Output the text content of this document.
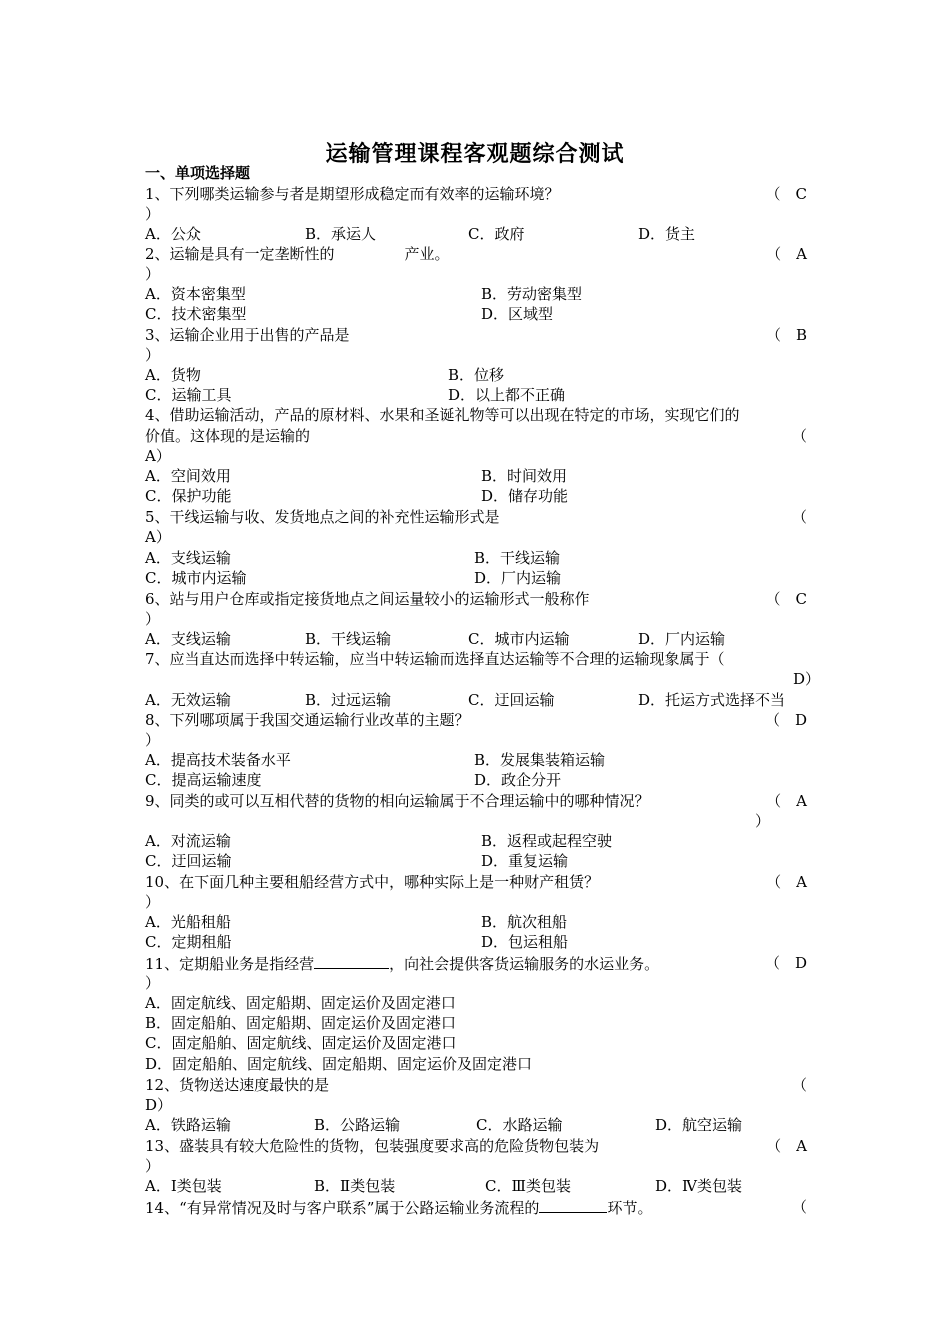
运输管理课程客观题综合测试
一、单项选择题
1、下列哪类运输参与者是期望形成稳定而有效率的运输环境？	（　C
）
A．公众	B．承运人	C．政府	D．货主
2、运输是具有一定垄断性的	产业。	（　A
）
A．资本密集型	B．劳动密集型
C．技术密集型	D．区域型
3、运输企业用于出售的产品是	（　B
）
A．货物	B．位移
C．运输工具	D．以上都不正确
4、借助运输活动，产品的原材料、水果和圣诞礼物等可以出现在特定的市场，实现它们的
价值。这体现的是运输的	（
A）
A．空间效用	B．时间效用
C．保护功能	D．储存功能
5、干线运输与收、发货地点之间的补充性运输形式是	（
A）
A．支线运输	B．干线运输
C．城市内运输	D．厂内运输
6、站与用户仓库或指定接货地点之间运量较小的运输形式一般称作	（　C
）
A．支线运输	B．干线运输	C．城市内运输	D．厂内运输
7、应当直达而选择中转运输，应当中转运输而选择直达运输等不合理的运输现象属于（
D）
A．无效运输	B．过远运输	C．迂回运输	D．托运方式选择不当
8、下列哪项属于我国交通运输行业改革的主题？	（　D
）
A．提高技术装备水平	B．发展集装箱运输
C．提高运输速度	D．政企分开
9、同类的或可以互相代替的货物的相向运输属于不合理运输中的哪种情况？	（　A
）
A．对流运输	B．返程或起程空驶
C．迂回运输	D．重复运输
10、在下面几种主要租船经营方式中，哪种实际上是一种财产租赁？	（　A
）
A．光船租船	B．航次租船
C．定期租船	D．包运租船
11、定期船业务是指经营	，向社会提供客货运输服务的水运业务。	（　D
）
A．固定航线、固定船期、固定运价及固定港口
B．固定船舶、固定船期、固定运价及固定港口
C．固定船舶、固定航线、固定运价及固定港口
D．固定船舶、固定航线、固定船期、固定运价及固定港口
12、货物送达速度最快的是	（
D）
A．铁路运输	B．公路运输	C．水路运输	D．航空运输
13、盛装具有较大危险性的货物，包装强度要求高的危险货物包装为	（　A
）
A．Ⅰ类包装	B．Ⅱ类包装	C．Ⅲ类包装	D．Ⅳ类包装
14、“有异常情况及时与客户联系”属于公路运输业务流程的	环节。	（
